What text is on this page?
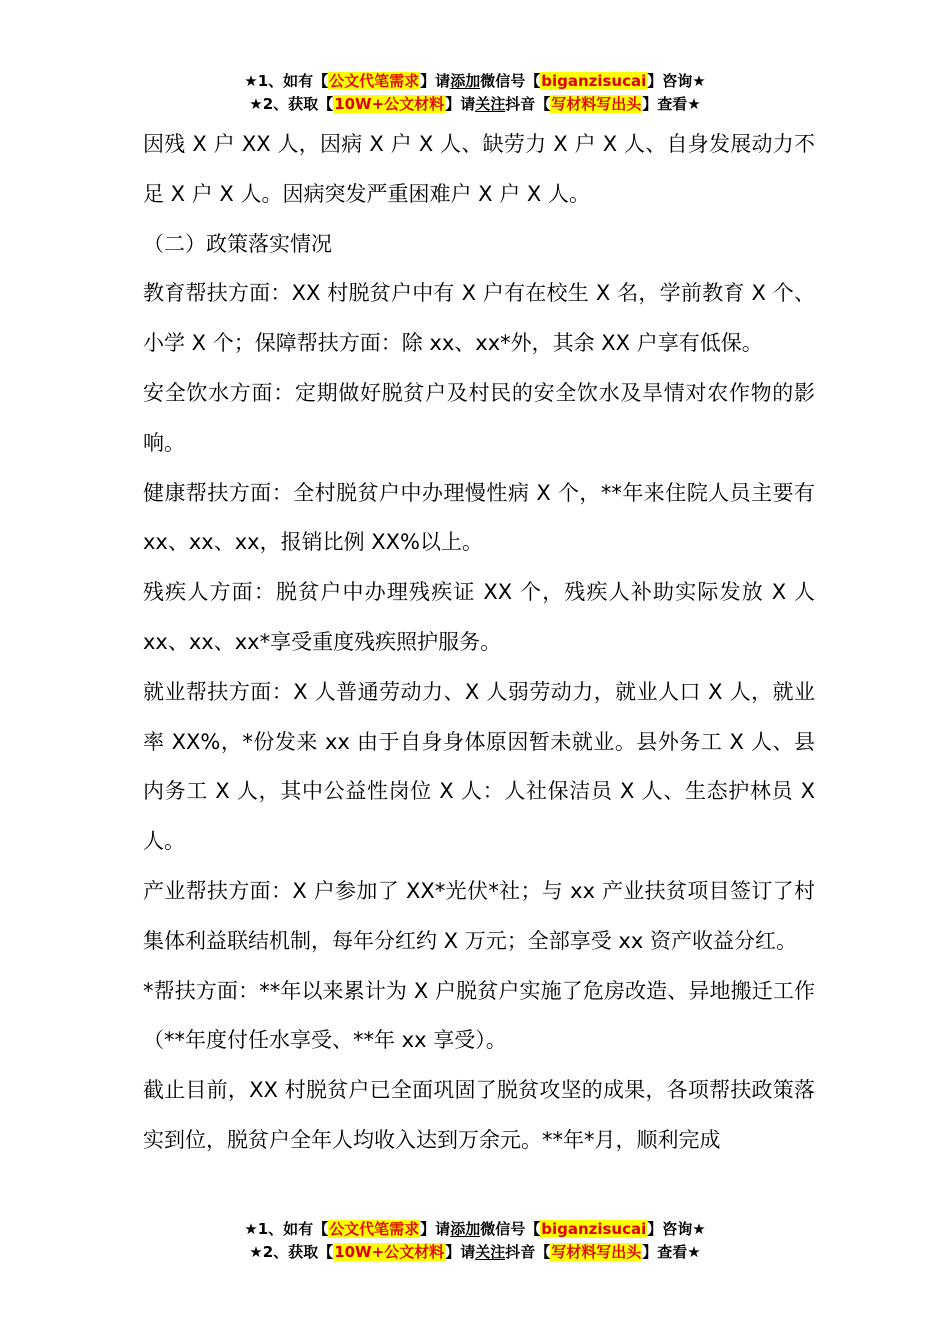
★1、如有【公文代笔需求】请添加微信号【biganzisucai】咨询★
★2、获取【10W+公文材料】请关注抖音【写材料写出头】查看★

因残 X 户 XX 人，因病 X 户 X 人、缺劳力 X 户 X 人、自身发展动力不足 X 户 X 人。因病突发严重困难户 X 户 X 人。

（二）政策落实情况

教育帮扶方面：XX 村脱贫户中有 X 户有在校生 X 名，学前教育 X 个、小学 X 个；保障帮扶方面：除 xx、xx*外，其余 XX 户享有低保。

安全饮水方面：定期做好脱贫户及村民的安全饮水及旱情对农作物的影响。

健康帮扶方面：全村脱贫户中办理慢性病 X 个，**年来住院人员主要有 xx、xx、xx，报销比例 XX%以上。

残疾人方面：脱贫户中办理残疾证 XX 个，残疾人补助实际发放 X 人 xx、xx、xx*享受重度残疾照护服务。

就业帮扶方面：X 人普通劳动力、X 人弱劳动力，就业人口 X 人，就业率 XX%，*份发来 xx 由于自身身体原因暂未就业。县外务工 X 人、县内务工 X 人，其中公益性岗位 X 人：人社保洁员 X 人、生态护林员 X 人。

产业帮扶方面：X 户参加了 XX*光伏*社；与 xx 产业扶贫项目签订了村集体利益联结机制，每年分红约 X 万元；全部享受 xx 资产收益分红。

*帮扶方面：**年以来累计为 X 户脱贫户实施了危房改造、异地搬迁工作（**年度付任水享受、**年 xx 享受）。

截止目前，XX 村脱贫户已全面巩固了脱贫攻坚的成果，各项帮扶政策落实到位，脱贫户全年人均收入达到万余元。**年*月，顺利完成

★1、如有【公文代笔需求】请添加微信号【biganzisucai】咨询★
★2、获取【10W+公文材料】请关注抖音【写材料写出头】查看★
